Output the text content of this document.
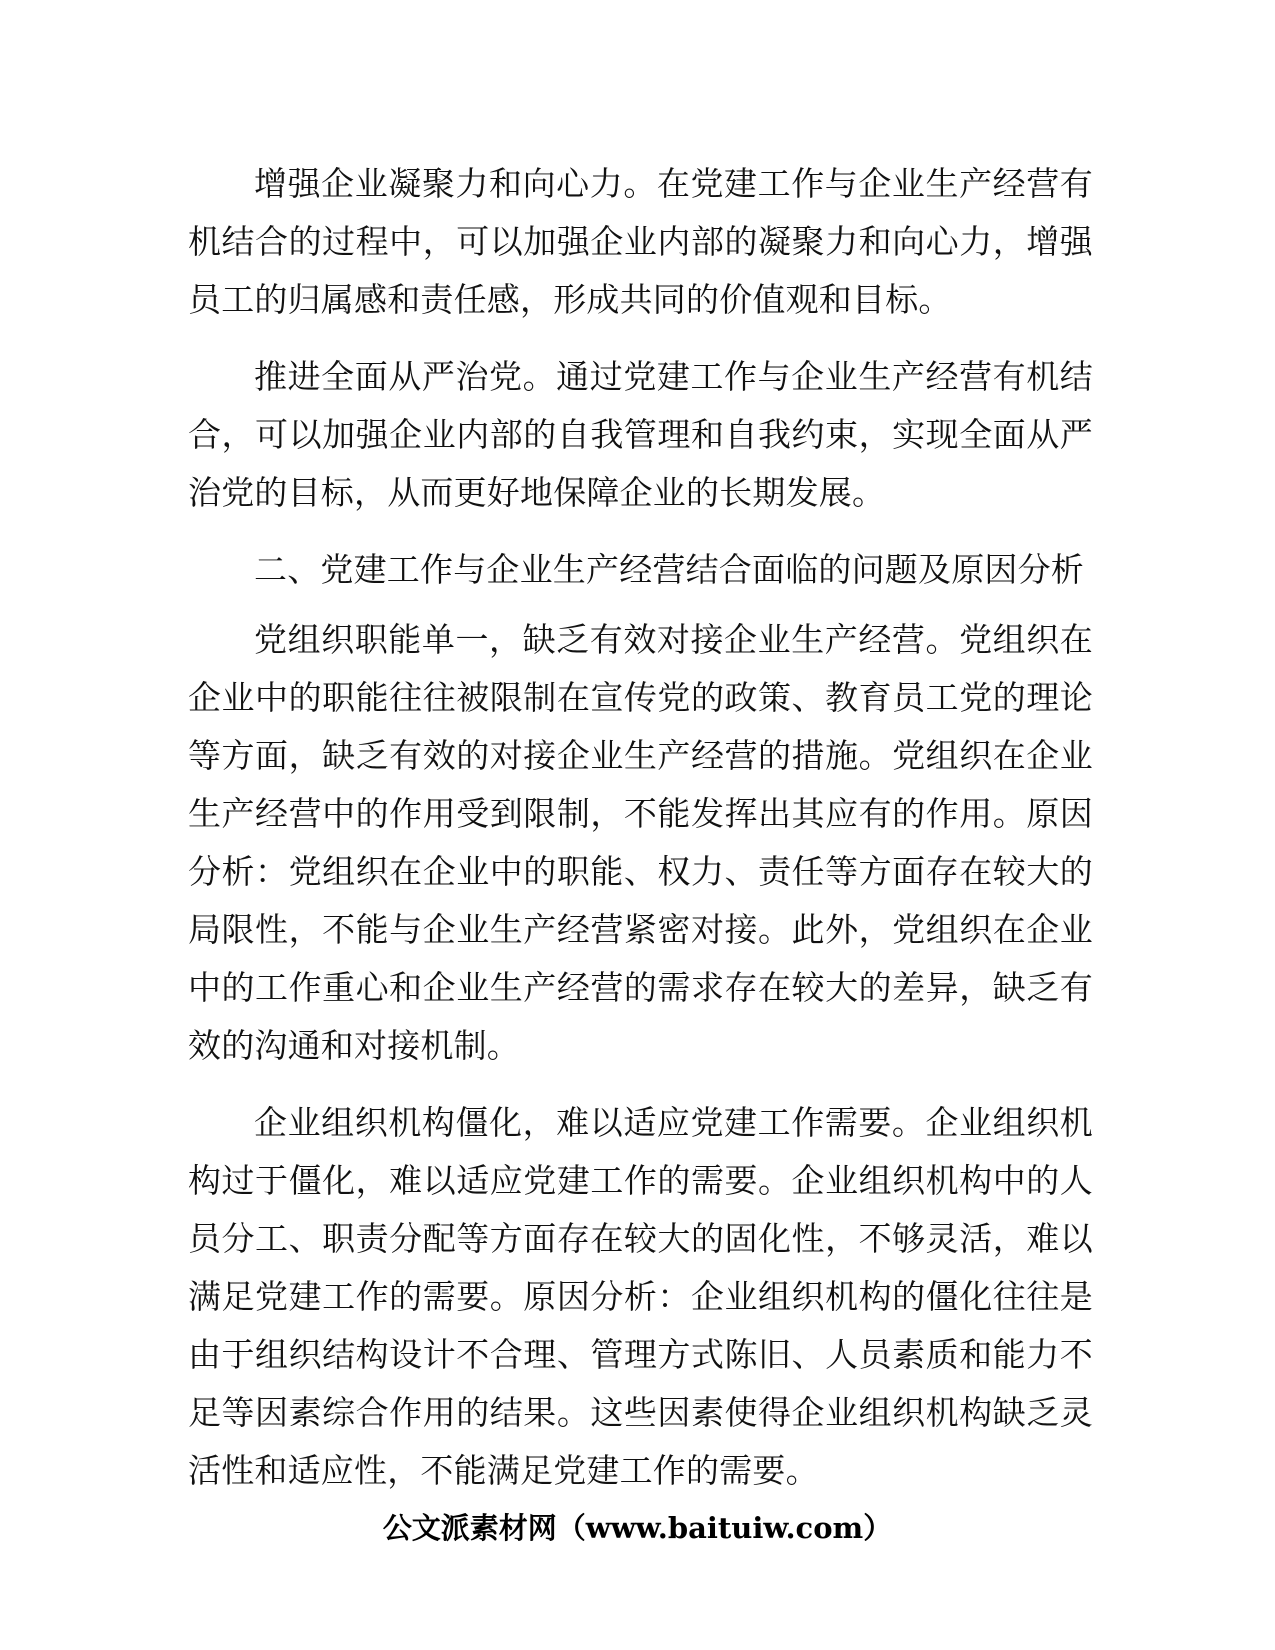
增强企业凝聚力和向心力。在党建工作与企业生产经营有机结合的过程中，可以加强企业内部的凝聚力和向心力，增强员工的归属感和责任感，形成共同的价值观和目标。

推进全面从严治党。通过党建工作与企业生产经营有机结合，可以加强企业内部的自我管理和自我约束，实现全面从严治党的目标，从而更好地保障企业的长期发展。

二、党建工作与企业生产经营结合面临的问题及原因分析

党组织职能单一，缺乏有效对接企业生产经营。党组织在企业中的职能往往被限制在宣传党的政策、教育员工党的理论等方面，缺乏有效的对接企业生产经营的措施。党组织在企业生产经营中的作用受到限制，不能发挥出其应有的作用。原因分析：党组织在企业中的职能、权力、责任等方面存在较大的局限性，不能与企业生产经营紧密对接。此外，党组织在企业中的工作重心和企业生产经营的需求存在较大的差异，缺乏有效的沟通和对接机制。

企业组织机构僵化，难以适应党建工作需要。企业组织机构过于僵化，难以适应党建工作的需要。企业组织机构中的人员分工、职责分配等方面存在较大的固化性，不够灵活，难以满足党建工作的需要。原因分析：企业组织机构的僵化往往是由于组织结构设计不合理、管理方式陈旧、人员素质和能力不足等因素综合作用的结果。这些因素使得企业组织机构缺乏灵活性和适应性，不能满足党建工作的需要。

公文派素材网（www.baituiw.com）
